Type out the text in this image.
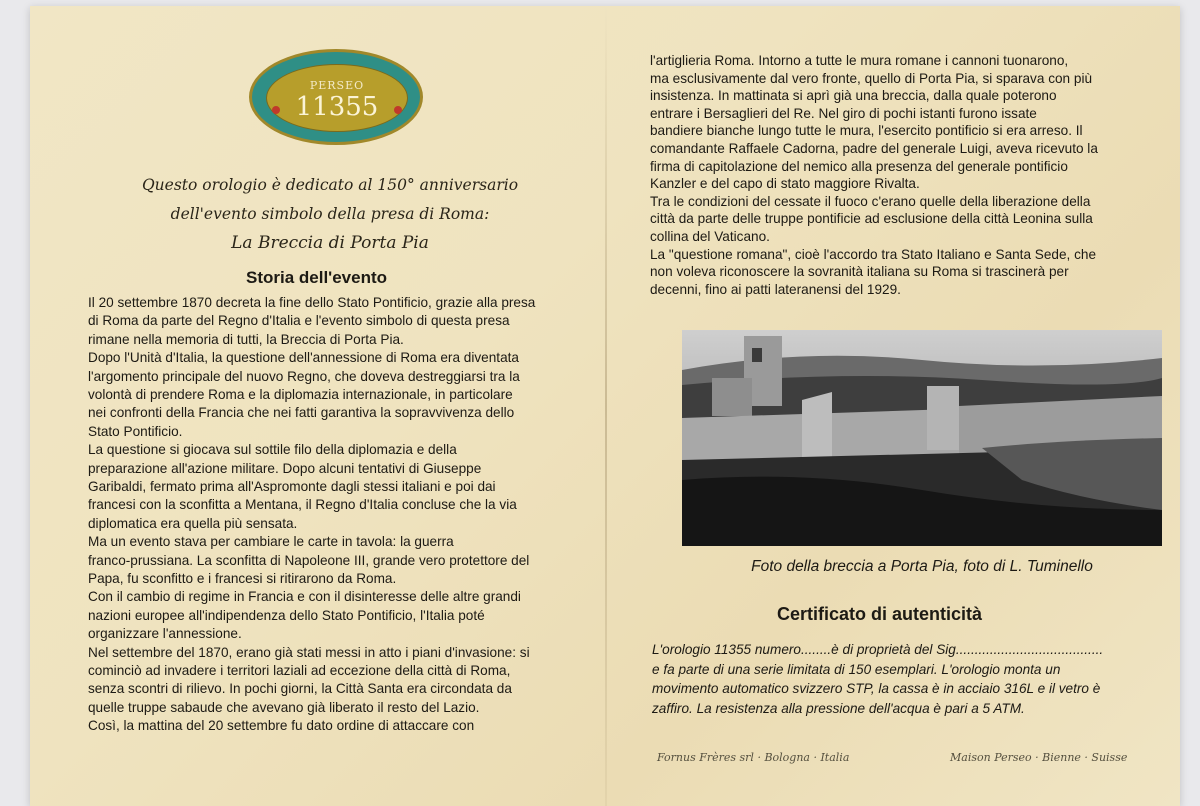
PERSEO
11355
Questo orologio è dedicato al 150° anniversario
dell'evento simbolo della presa di Roma:
La Breccia di Porta Pia
Storia dell'evento
Il 20 settembre 1870 decreta la fine dello Stato Pontificio, grazie alla presa
di Roma da parte del Regno d'Italia e l'evento simbolo di questa presa
rimane nella memoria di tutti, la Breccia di Porta Pia.
Dopo l'Unità d'Italia, la questione dell'annessione di Roma era diventata
l'argomento principale del nuovo Regno, che doveva destreggiarsi tra la
volontà di prendere Roma e la diplomazia internazionale, in particolare
nei confronti della Francia che nei fatti garantiva la sopravvivenza dello
Stato Pontificio.
La questione si giocava sul sottile filo della diplomazia e della
preparazione all'azione militare. Dopo alcuni tentativi di Giuseppe
Garibaldi, fermato prima all'Aspromonte dagli stessi italiani e poi dai
francesi con la sconfitta a Mentana, il Regno d'Italia concluse che la via
diplomatica era quella più sensata.
Ma un evento stava per cambiare le carte in tavola: la guerra
franco-prussiana. La sconfitta di Napoleone III, grande vero protettore del
Papa, fu sconfitto e i francesi si ritirarono da Roma.
Con il cambio di regime in Francia e con il disinteresse delle altre grandi
nazioni europee all'indipendenza dello Stato Pontificio, l'Italia poté
organizzare l'annessione.
Nel settembre del 1870, erano già stati messi in atto i piani d'invasione: si
cominciò ad invadere i territori laziali ad eccezione della città di Roma,
senza scontri di rilievo. In pochi giorni, la Città Santa era circondata da
quelle truppe sabaude che avevano già liberato il resto del Lazio.
Così, la mattina del 20 settembre fu dato ordine di attaccare con
l'artiglieria Roma. Intorno a tutte le mura romane i cannoni tuonarono,
ma esclusivamente dal vero fronte, quello di Porta Pia, si sparava con più
insistenza. In mattinata si aprì già una breccia, dalla quale poterono
entrare i Bersaglieri del Re. Nel giro di pochi istanti furono issate
bandiere bianche lungo tutte le mura, l'esercito pontificio si era arreso. Il
comandante Raffaele Cadorna, padre del generale Luigi, aveva ricevuto la
firma di capitolazione del nemico alla presenza del generale pontificio
Kanzler e del capo di stato maggiore Rivalta.
Tra le condizioni del cessate il fuoco c'erano quelle della liberazione della
città da parte delle truppe pontificie ad esclusione della città Leonina sulla
collina del Vaticano.
La "questione romana", cioè l'accordo tra Stato Italiano e Santa Sede, che
non voleva riconoscere la sovranità italiana su Roma si trascinerà per
decenni, fino ai patti lateranensi del 1929.
Foto della breccia a Porta Pia, foto di L. Tuminello
Certificato di autenticità
L'orologio 11355 numero........è di proprietà del Sig.......................................
e fa parte di una serie limitata di 150 esemplari. L'orologio monta un
movimento automatico svizzero STP, la cassa è in acciaio 316L e il vetro è
zaffiro. La resistenza alla pressione dell'acqua è pari a 5 ATM.
Fornus Frères srl · Bologna · Italia	Maison Perseo · Bienne · Suisse
